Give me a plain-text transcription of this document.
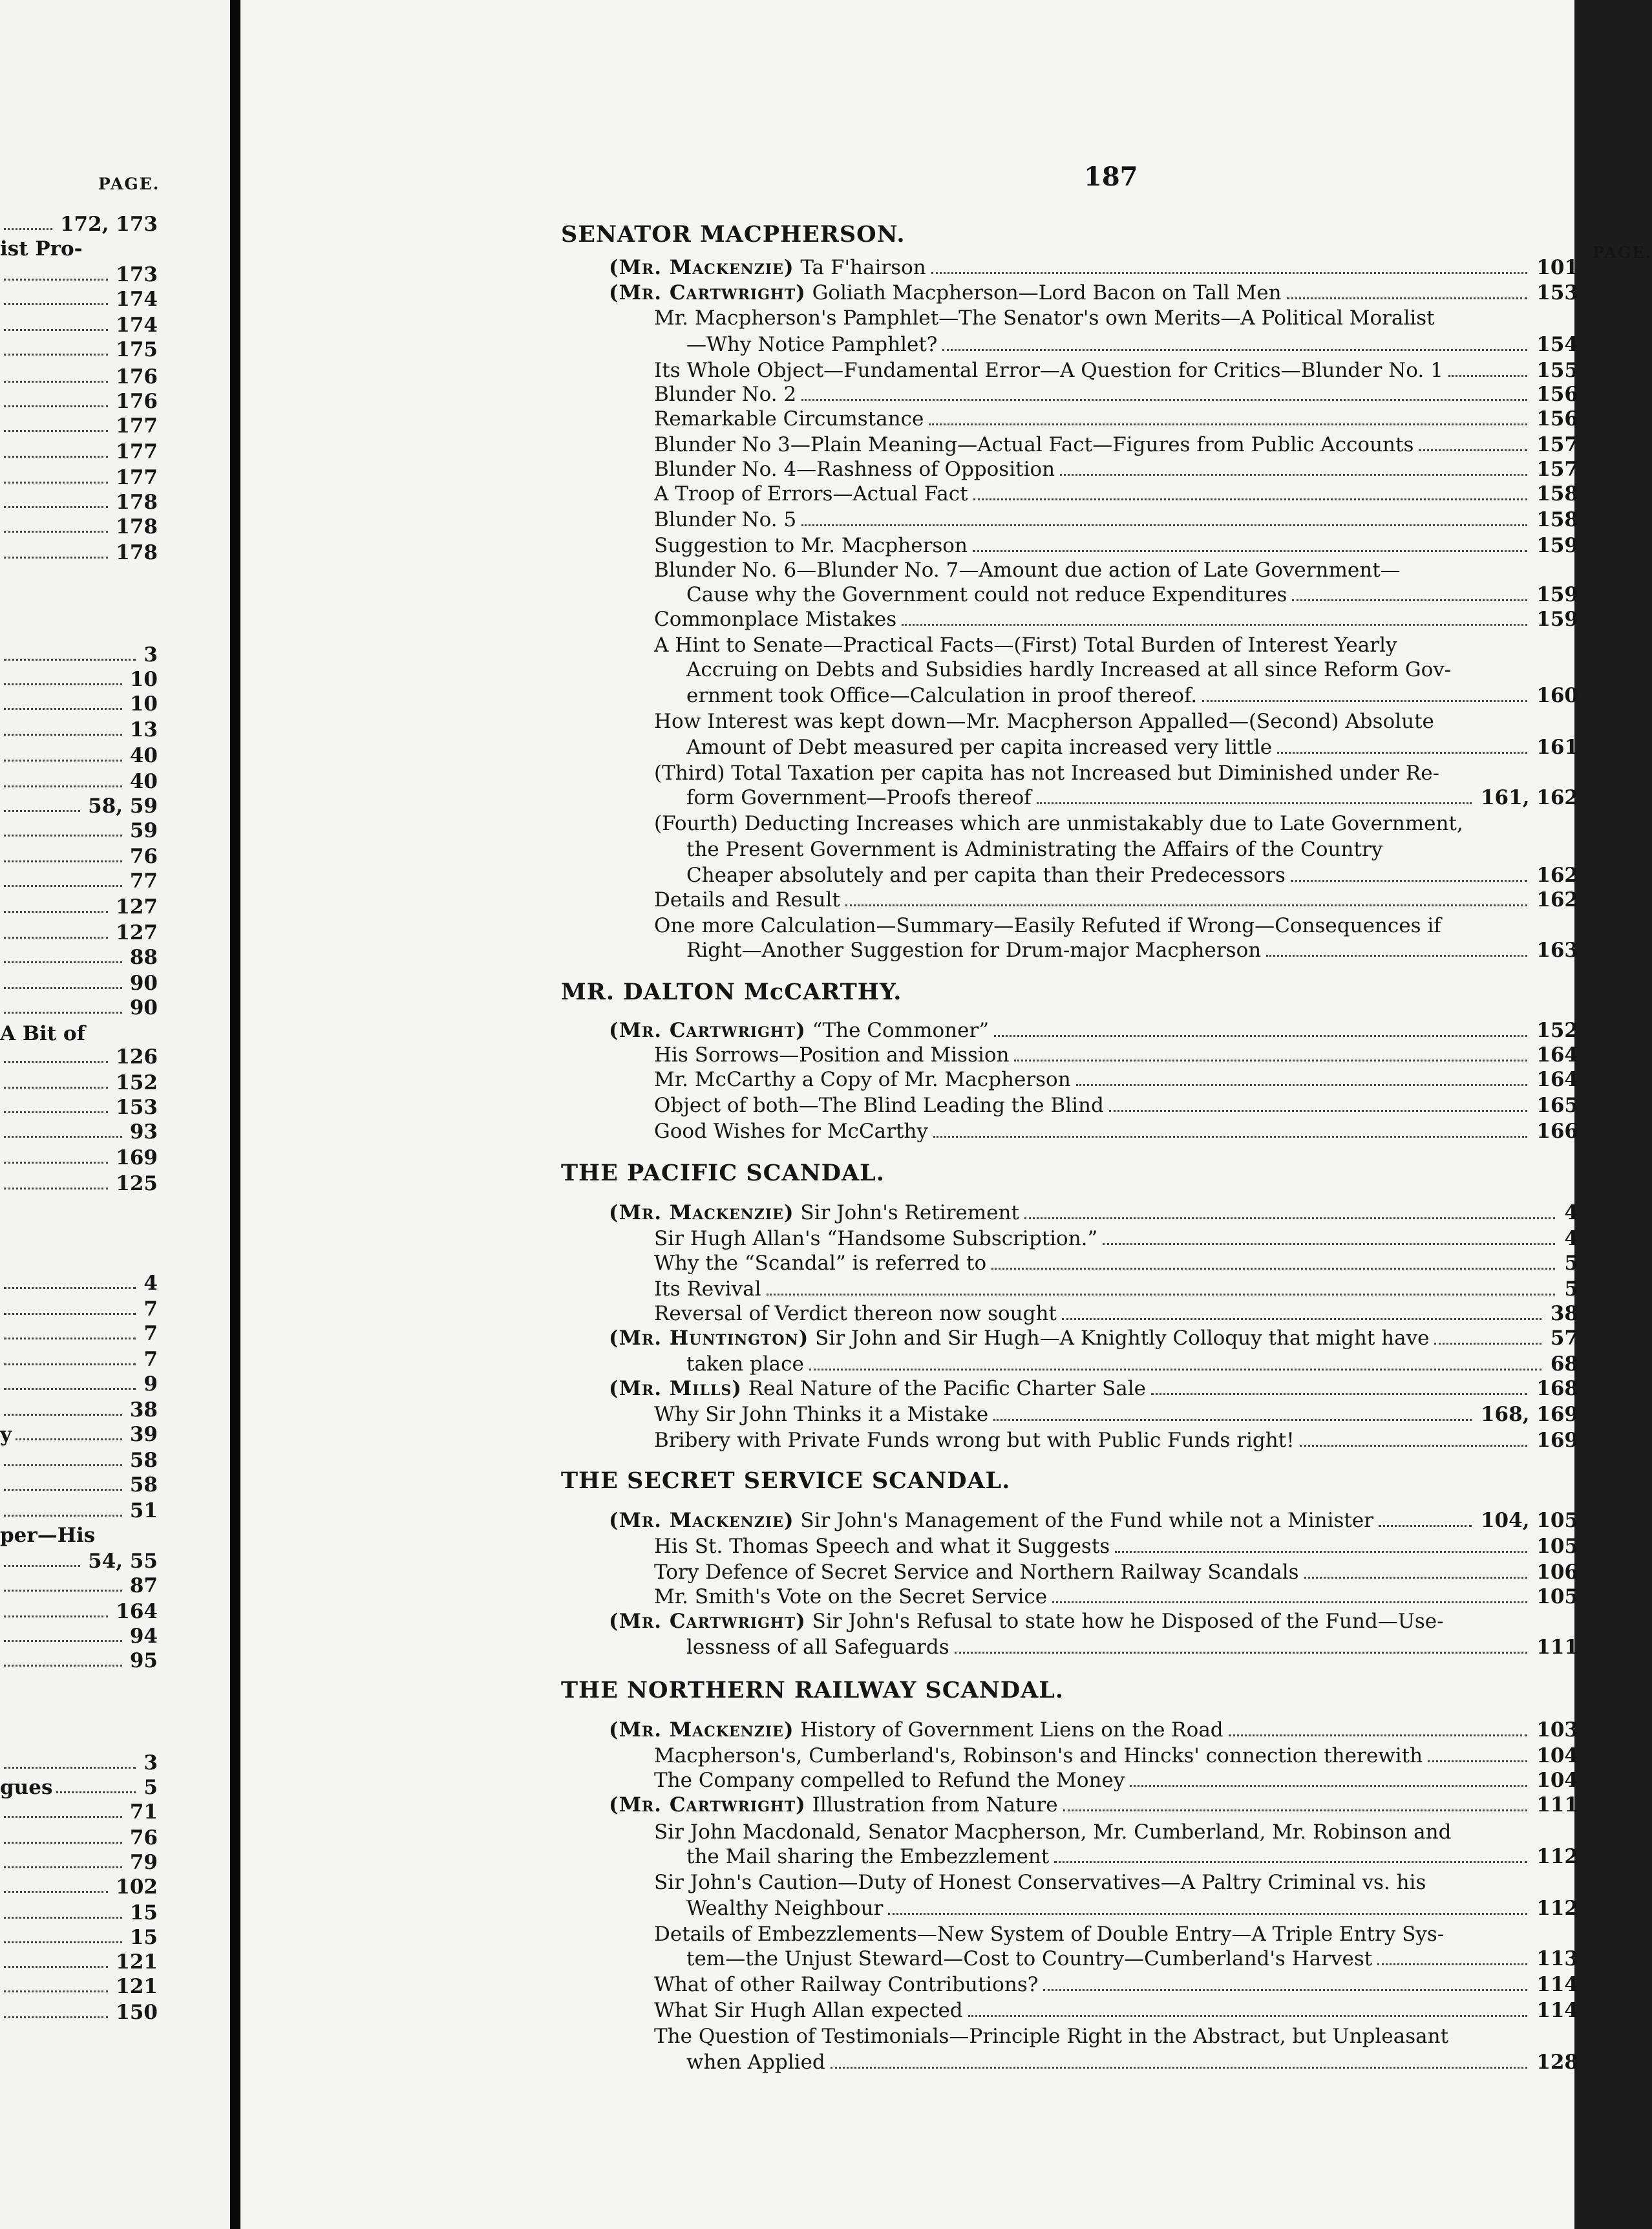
PAGE.
172, 173
ist Pro-
173
174
174
175
176
176
177
177
177
178
178
178
3
10
10
13
40
40
58, 59
59
76
77
127
127
88
90
90
A Bit of
126
152
153
93
169
125
4
7
7
7
9
38
y	39
58
58
51
per—His
54, 55
87
164
94
95
3
gues	5
71
76
79
102
15
15
121
121
150
187
PAGE.
SENATOR MACPHERSON.
(Mr. Mackenzie) Ta F'hairson	101
(Mr. Cartwright) Goliath Macpherson—Lord Bacon on Tall Men	153
Mr. Macpherson's Pamphlet—The Senator's own Merits—A Political Moralist
—Why Notice Pamphlet?	154
Its Whole Object—Fundamental Error—A Question for Critics—Blunder No. 1	155
Blunder No. 2	156
Remarkable Circumstance	156
Blunder No 3—Plain Meaning—Actual Fact—Figures from Public Accounts	157
Blunder No. 4—Rashness of Opposition	157
A Troop of Errors—Actual Fact	158
Blunder No. 5	158
Suggestion to Mr. Macpherson	159
Blunder No. 6—Blunder No. 7—Amount due action of Late Government—
Cause why the Government could not reduce Expenditures	159
Commonplace Mistakes	159
A Hint to Senate—Practical Facts—(First) Total Burden of Interest Yearly
Accruing on Debts and Subsidies hardly Increased at all since Reform Gov-
ernment took Office—Calculation in proof thereof.	160
How Interest was kept down—Mr. Macpherson Appalled—(Second) Absolute
Amount of Debt measured per capita increased very little	161
(Third) Total Taxation per capita has not Increased but Diminished under Re-
form Government—Proofs thereof	161, 162
(Fourth) Deducting Increases which are unmistakably due to Late Government,
the Present Government is Administrating the Affairs of the Country
Cheaper absolutely and per capita than their Predecessors	162
Details and Result	162
One more Calculation—Summary—Easily Refuted if Wrong—Consequences if
Right—Another Suggestion for Drum-major Macpherson	163
MR. DALTON McCARTHY.
(Mr. Cartwright) “The Commoner”	152
His Sorrows—Position and Mission	164
Mr. McCarthy a Copy of Mr. Macpherson	164
Object of both—The Blind Leading the Blind	165
Good Wishes for McCarthy	166
THE PACIFIC SCANDAL.
(Mr. Mackenzie) Sir John's Retirement	4
Sir Hugh Allan's “Handsome Subscription.”	4
Why the “Scandal” is referred to	5
Its Revival	5
Reversal of Verdict thereon now sought	38
(Mr. Huntington) Sir John and Sir Hugh—A Knightly Colloquy that might have	57
taken place	68
(Mr. Mills) Real Nature of the Pacific Charter Sale	168
Why Sir John Thinks it a Mistake	168, 169
Bribery with Private Funds wrong but with Public Funds right!	169
THE SECRET SERVICE SCANDAL.
(Mr. Mackenzie) Sir John's Management of the Fund while not a Minister	104, 105
His St. Thomas Speech and what it Suggests	105
Tory Defence of Secret Service and Northern Railway Scandals	106
Mr. Smith's Vote on the Secret Service	105
(Mr. Cartwright) Sir John's Refusal to state how he Disposed of the Fund—Use-
lessness of all Safeguards	111
THE NORTHERN RAILWAY SCANDAL.
(Mr. Mackenzie) History of Government Liens on the Road	103
Macpherson's, Cumberland's, Robinson's and Hincks' connection therewith	104
The Company compelled to Refund the Money	104
(Mr. Cartwright) Illustration from Nature	111
Sir John Macdonald, Senator Macpherson, Mr. Cumberland, Mr. Robinson and
the Mail sharing the Embezzlement	112
Sir John's Caution—Duty of Honest Conservatives—A Paltry Criminal vs. his
Wealthy Neighbour	112
Details of Embezzlements—New System of Double Entry—A Triple Entry Sys-
tem—the Unjust Steward—Cost to Country—Cumberland's Harvest	113
What of other Railway Contributions?	114
What Sir Hugh Allan expected	114
The Question of Testimonials—Principle Right in the Abstract, but Unpleasant
when Applied	128
